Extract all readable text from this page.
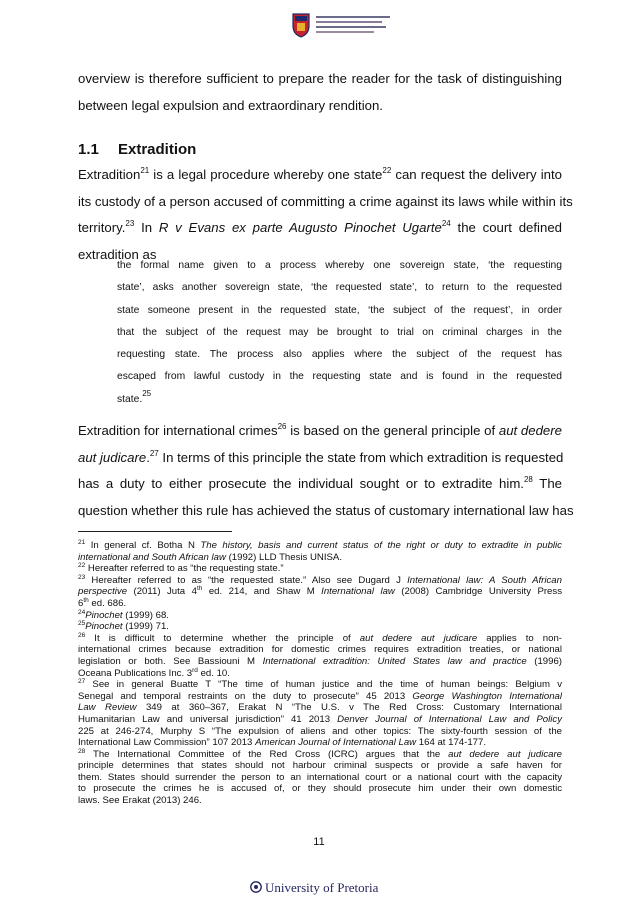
overview is therefore sufficient to prepare the reader for the task of distinguishing
between legal expulsion and extraordinary rendition.
1.1 Extradition
Extradition$^{21}$ is a legal procedure whereby one state$^{22}$ can request the delivery into
its custody of a person accused of committing a crime against its laws while within its
territory.$^{23}$ In R v Evans ex parte Augusto Pinochet Ugarte$^{24}$ the court defined
extradition as
the formal name given to a process whereby one sovereign state, ‘the requesting
state’, asks another sovereign state, ‘the requested state’, to return to the requested
state someone present in the requested state, ‘the subject of the request’, in order
that the subject of the request may be brought to trial on criminal charges in the
requesting state. The process also applies where the subject of the request has
escaped from lawful custody in the requesting state and is found in the requested
state.$^{25}$
Extradition for international crimes$^{26}$ is based on the general principle of aut dedere
aut judicare.$^{27}$ In terms of this principle the state from which extradition is requested
has a duty to either prosecute the individual sought or to extradite him.$^{28}$ The
question whether this rule has achieved the status of customary international law has
$^{21}$ In general cf. Botha N The history, basis and current status of the right or duty to extradite in public
international and South African law (1992) LLD Thesis UNISA.
$^{22}$ Hereafter referred to as “the requesting state.”
$^{23}$ Hereafter referred to as “the requested state.” Also see Dugard J International law: A South African
perspective (2011) Juta 4th ed. 214, and Shaw M International law (2008) Cambridge University Press
6th ed. 686.
$^{24}$Pinochet (1999) 68.
$^{25}$Pinochet (1999) 71.
$^{26}$ It is difficult to determine whether the principle of aut dedere aut judicare applies to non-
international crimes because extradition for domestic crimes requires extradition treaties, or national
legislation or both. See Bassiouni M International extradition: United States law and practice (1996)
Oceana Publications Inc. 3rd ed. 10.
$^{27}$ See in general Buatte T “The time of human justice and the time of human beings: Belgium v
Senegal and temporal restraints on the duty to prosecute” 45 2013 George Washington International
Law Review 349 at 360–367, Erakat N “The U.S. v The Red Cross: Customary International
Humanitarian Law and universal jurisdiction” 41 2013 Denver Journal of International Law and Policy
225 at 246-274, Murphy S “The expulsion of aliens and other topics: The sixty-fourth session of the
International Law Commission” 107 2013 American Journal of International Law 164 at 174-177.
$^{28}$ The International Committee of the Red Cross (ICRC) argues that the aut dedere aut judicare
principle determines that states should not harbour criminal suspects or provide a safe haven for
them. States should surrender the person to an international court or a national court with the capacity
to prosecute the crimes he is accused of, or they should prosecute him under their own domestic
laws. See Erakat (2013) 246.
11
University of Pretoria
